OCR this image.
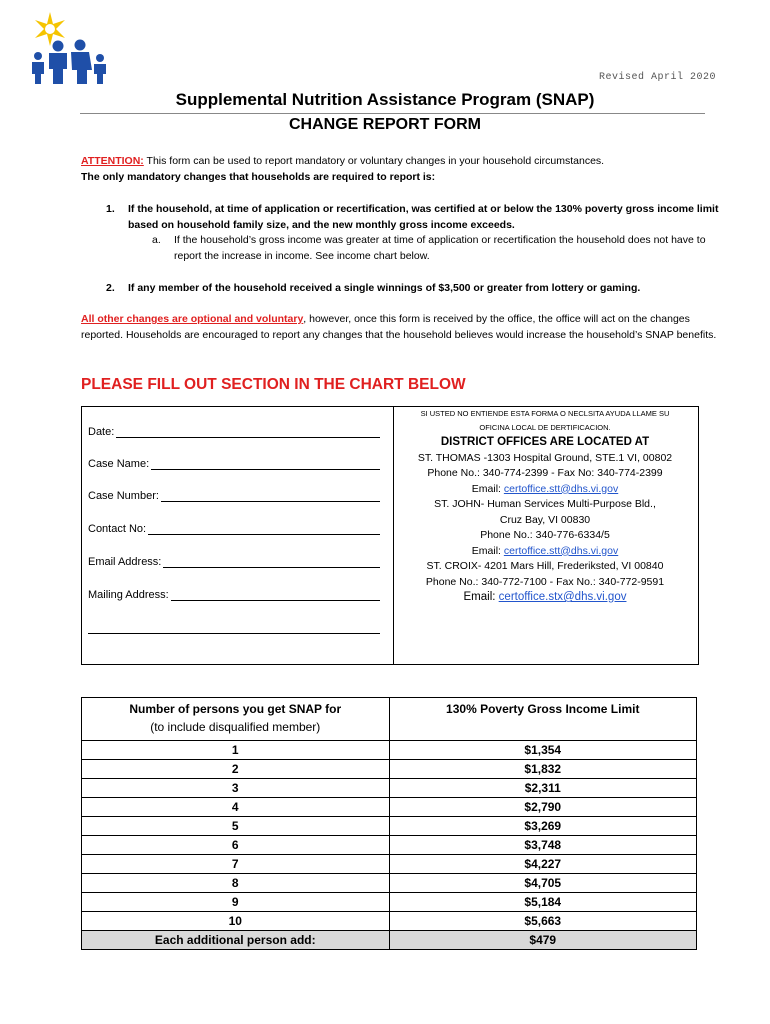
Revised April 2020
Supplemental Nutrition Assistance Program (SNAP)
CHANGE REPORT FORM
ATTENTION: This form can be used to report mandatory or voluntary changes in your household circumstances.
The only mandatory changes that households are required to report is:
1. If the household, at time of application or recertification, was certified at or below the 130% poverty gross income limit based on household family size, and the new monthly gross income exceeds.
a. If the household’s gross income was greater at time of application or recertification the household does not have to report the increase in income. See income chart below.
2. If any member of the household received a single winnings of $3,500 or greater from lottery or gaming.
All other changes are optional and voluntary, however, once this form is received by the office, the office will act on the changes reported. Households are encouraged to report any changes that the household believes would increase the household’s SNAP benefits.
PLEASE FILL OUT SECTION IN THE CHART BELOW
Date:
Case Name:
Case Number:
Contact No:
Email Address:
Mailing Address:
SI USTED NO ENTIENDE ESTA FORMA O NECLSITA AYUDA LLAME SU
OFICINA LOCAL DE DERTIFICACION.
DISTRICT OFFICES ARE LOCATED AT
ST. THOMAS -1303 Hospital Ground, STE.1 VI, 00802
Phone No.: 340-774-2399 - Fax No: 340-774-2399
Email: certoffice.stt@dhs.vi.gov
ST. JOHN- Human Services Multi-Purpose Bld.,
Cruz Bay, VI 00830
Phone No.: 340-776-6334/5
Email: certoffice.stt@dhs.vi.gov
ST. CROIX- 4201 Mars Hill, Frederiksted, VI 00840
Phone No.: 340-772-7100 - Fax No.: 340-772-9591
Email: certoffice.stx@dhs.vi.gov
Number of persons you get SNAP for
(to include disqualified member)	130% Poverty Gross Income Limit
1	$1,354
2	$1,832
3	$2,311
4	$2,790
5	$3,269
6	$3,748
7	$4,227
8	$4,705
9	$5,184
10	$5,663
Each additional person add:	$479
